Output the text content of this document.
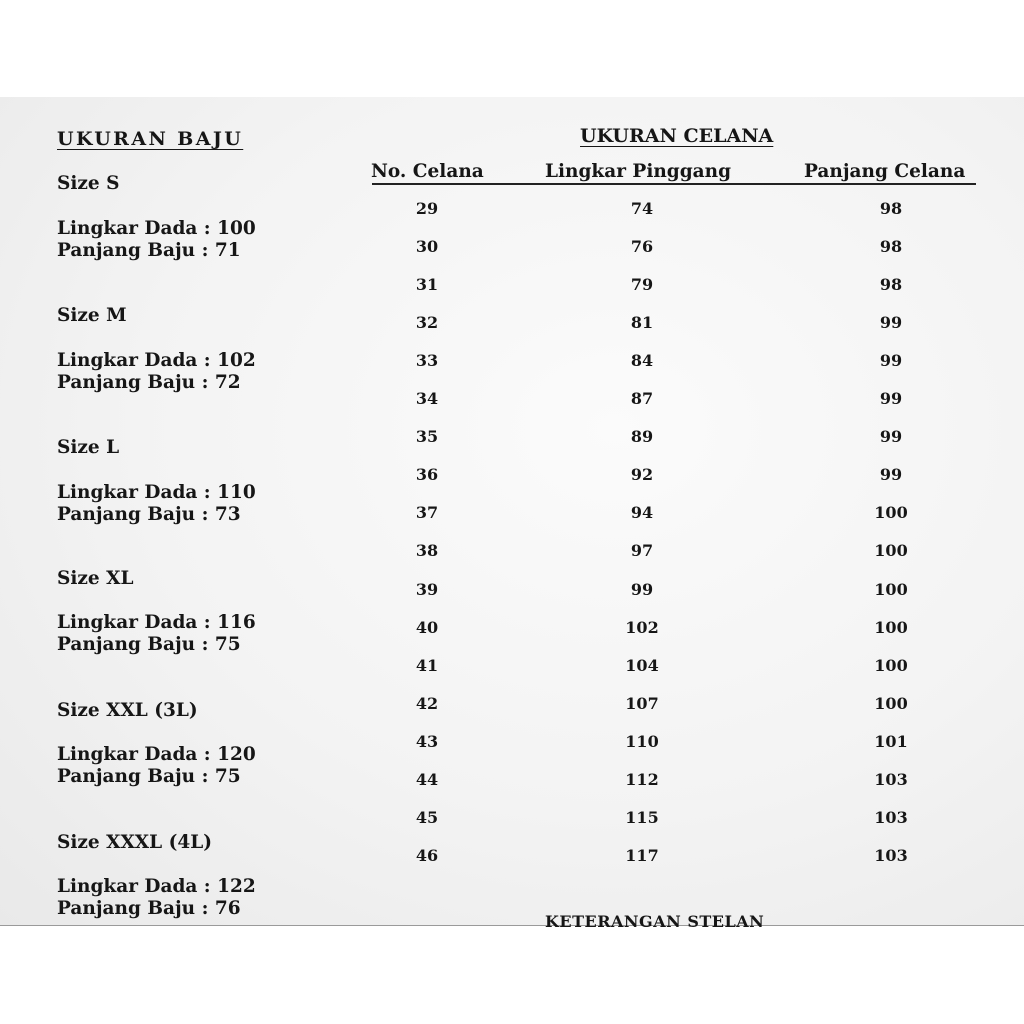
UKURAN BAJU
Size S
Lingkar Dada : 100
Panjang Baju : 71
Size M
Lingkar Dada : 102
Panjang Baju : 72
Size L
Lingkar Dada : 110
Panjang Baju : 73
Size XL
Lingkar Dada : 116
Panjang Baju : 75
Size XXL (3L)
Lingkar Dada : 120
Panjang Baju : 75
Size XXXL (4L)
Lingkar Dada : 122
Panjang Baju : 76
UKURAN CELANA
No. Celana	Lingkar Pinggang	Panjang Celana
29	74	98
30	76	98
31	79	98
32	81	99
33	84	99
34	87	99
35	89	99
36	92	99
37	94	100
38	97	100
39	99	100
40	102	100
41	104	100
42	107	100
43	110	101
44	112	103
45	115	103
46	117	103
KETERANGAN STELAN
